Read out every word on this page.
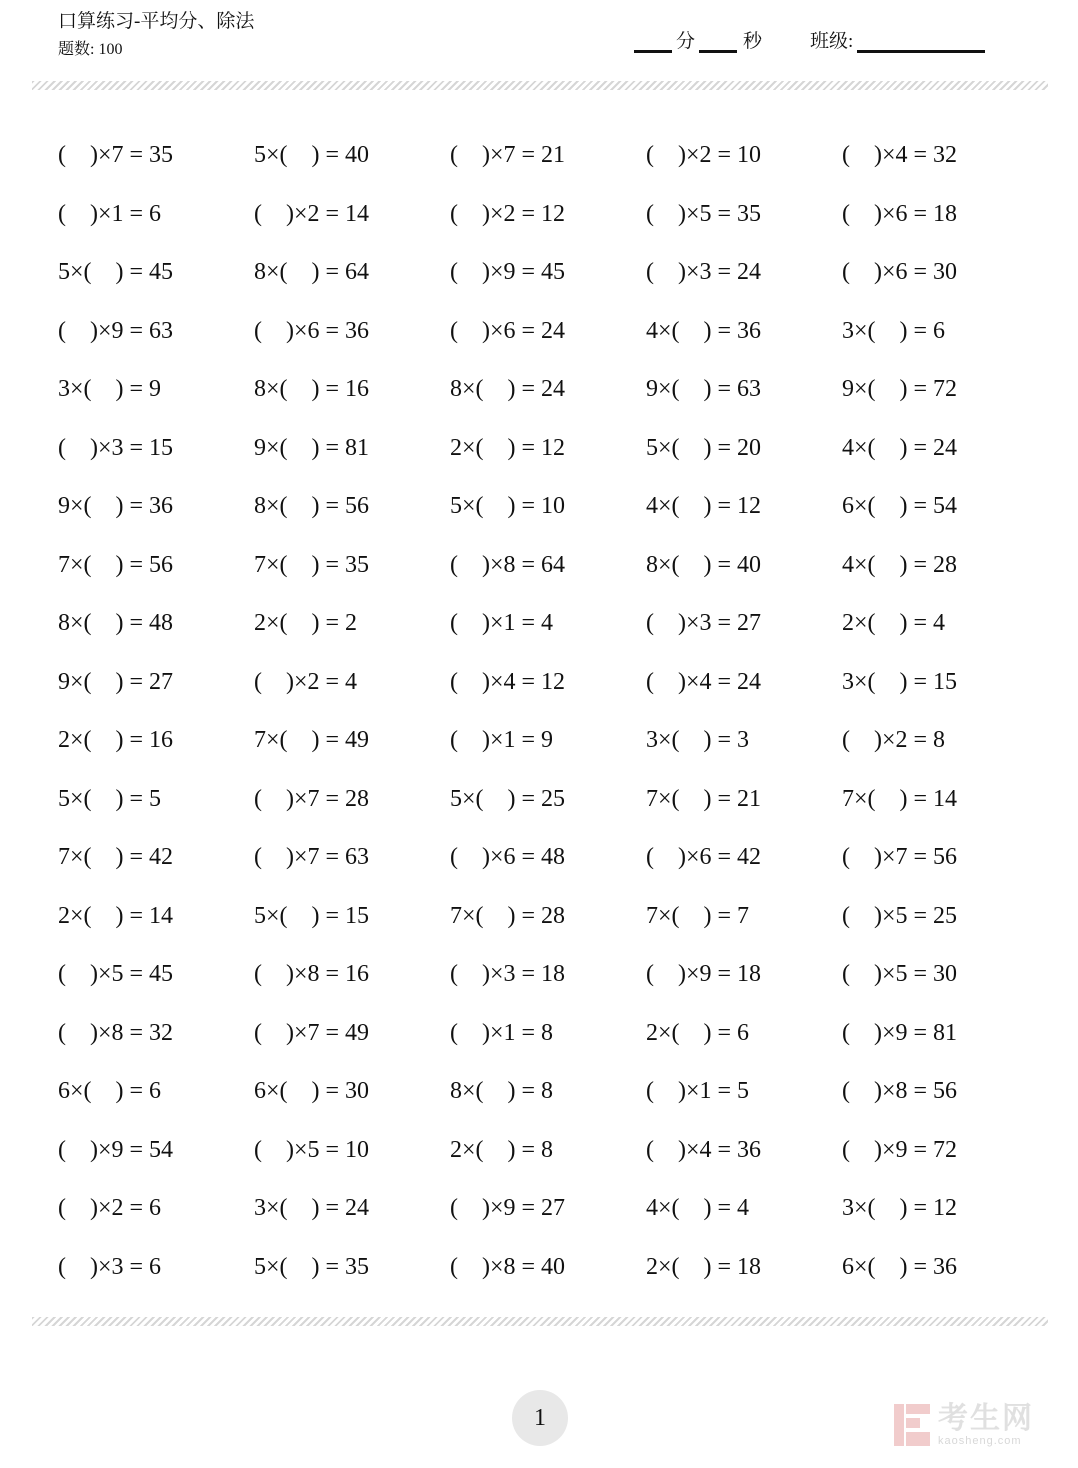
口算练习-平均分、除法
题数: 100	分	秒	班级:
(    )×7 = 35	5×(    ) = 40	(    )×7 = 21	(    )×2 = 10	(    )×4 = 32
(    )×1 = 6	(    )×2 = 14	(    )×2 = 12	(    )×5 = 35	(    )×6 = 18
5×(    ) = 45	8×(    ) = 64	(    )×9 = 45	(    )×3 = 24	(    )×6 = 30
(    )×9 = 63	(    )×6 = 36	(    )×6 = 24	4×(    ) = 36	3×(    ) = 6
3×(    ) = 9	8×(    ) = 16	8×(    ) = 24	9×(    ) = 63	9×(    ) = 72
(    )×3 = 15	9×(    ) = 81	2×(    ) = 12	5×(    ) = 20	4×(    ) = 24
9×(    ) = 36	8×(    ) = 56	5×(    ) = 10	4×(    ) = 12	6×(    ) = 54
7×(    ) = 56	7×(    ) = 35	(    )×8 = 64	8×(    ) = 40	4×(    ) = 28
8×(    ) = 48	2×(    ) = 2	(    )×1 = 4	(    )×3 = 27	2×(    ) = 4
9×(    ) = 27	(    )×2 = 4	(    )×4 = 12	(    )×4 = 24	3×(    ) = 15
2×(    ) = 16	7×(    ) = 49	(    )×1 = 9	3×(    ) = 3	(    )×2 = 8
5×(    ) = 5	(    )×7 = 28	5×(    ) = 25	7×(    ) = 21	7×(    ) = 14
7×(    ) = 42	(    )×7 = 63	(    )×6 = 48	(    )×6 = 42	(    )×7 = 56
2×(    ) = 14	5×(    ) = 15	7×(    ) = 28	7×(    ) = 7	(    )×5 = 25
(    )×5 = 45	(    )×8 = 16	(    )×3 = 18	(    )×9 = 18	(    )×5 = 30
(    )×8 = 32	(    )×7 = 49	(    )×1 = 8	2×(    ) = 6	(    )×9 = 81
6×(    ) = 6	6×(    ) = 30	8×(    ) = 8	(    )×1 = 5	(    )×8 = 56
(    )×9 = 54	(    )×5 = 10	2×(    ) = 8	(    )×4 = 36	(    )×9 = 72
(    )×2 = 6	3×(    ) = 24	(    )×9 = 27	4×(    ) = 4	3×(    ) = 12
(    )×3 = 6	5×(    ) = 35	(    )×8 = 40	2×(    ) = 18	6×(    ) = 36
1	考生网
kaosheng.com
